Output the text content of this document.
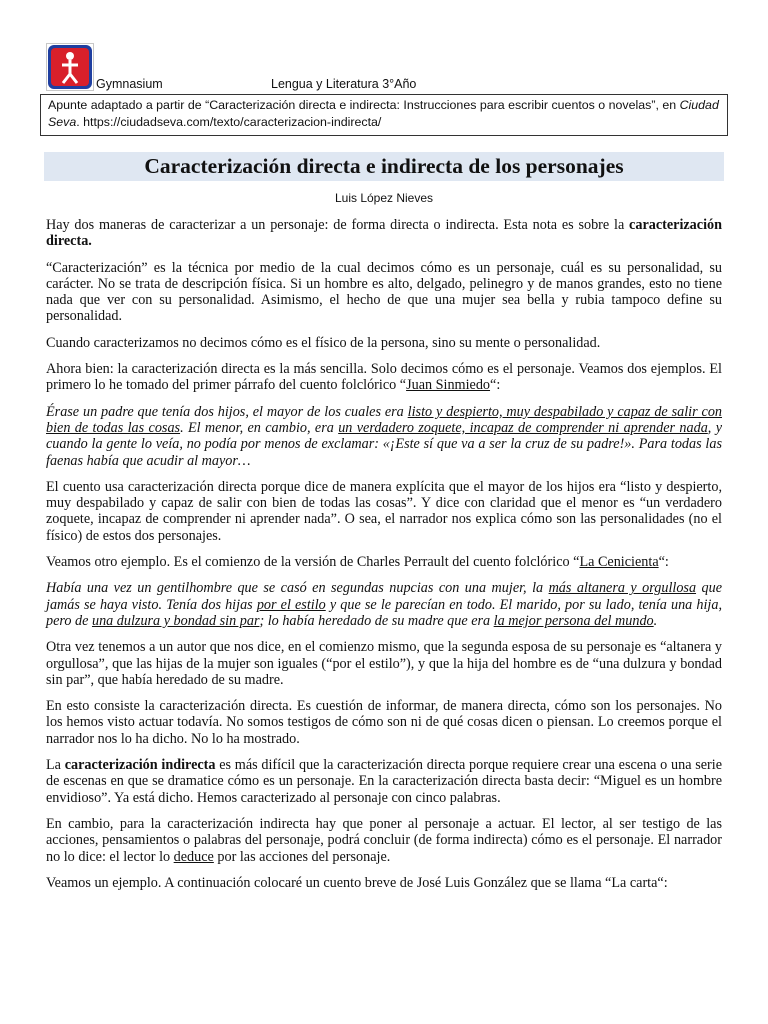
Gymnasium	Lengua y Literatura 3°Año
Apunte adaptado a partir de “Caracterización directa e indirecta: Instrucciones para escribir cuentos o novelas”, en Ciudad Seva. https://ciudadseva.com/texto/caracterizacion-indirecta/
Caracterización directa e indirecta de los personajes
Luis López Nieves

Hay dos maneras de caracterizar a un personaje: de forma directa o indirecta. Esta nota es sobre la caracterización directa.

“Caracterización” es la técnica por medio de la cual decimos cómo es un personaje, cuál es su personalidad, su carácter. No se trata de descripción física. Si un hombre es alto, delgado, pelinegro y de manos grandes, esto no tiene nada que ver con su personalidad. Asimismo, el hecho de que una mujer sea bella y rubia tampoco define su personalidad.

Cuando caracterizamos no decimos cómo es el físico de la persona, sino su mente o personalidad.

Ahora bien: la caracterización directa es la más sencilla. Solo decimos cómo es el personaje. Veamos dos ejemplos. El primero lo he tomado del primer párrafo del cuento folclórico “Juan Sinmiedo“:

Érase un padre que tenía dos hijos, el mayor de los cuales era listo y despierto, muy despabilado y capaz de salir con bien de todas las cosas. El menor, en cambio, era un verdadero zoquete, incapaz de comprender ni aprender nada, y cuando la gente lo veía, no podía por menos de exclamar: «¡Este sí que va a ser la cruz de su padre!». Para todas las faenas había que acudir al mayor…

El cuento usa caracterización directa porque dice de manera explícita que el mayor de los hijos era “listo y despierto, muy despabilado y capaz de salir con bien de todas las cosas”. Y dice con claridad que el menor es “un verdadero zoquete, incapaz de comprender ni aprender nada”. O sea, el narrador nos explica cómo son las personalidades (no el físico) de estos dos personajes.

Veamos otro ejemplo. Es el comienzo de la versión de Charles Perrault del cuento folclórico “La Cenicienta“:

Había una vez un gentilhombre que se casó en segundas nupcias con una mujer, la más altanera y orgullosa que jamás se haya visto. Tenía dos hijas por el estilo y que se le parecían en todo. El marido, por su lado, tenía una hija, pero de una dulzura y bondad sin par; lo había heredado de su madre que era la mejor persona del mundo.

Otra vez tenemos a un autor que nos dice, en el comienzo mismo, que la segunda esposa de su personaje es “altanera y orgullosa”, que las hijas de la mujer son iguales (“por el estilo”), y que la hija del hombre es de “una dulzura y bondad sin par”, que había heredado de su madre.

En esto consiste la caracterización directa. Es cuestión de informar, de manera directa, cómo son los personajes. No los hemos visto actuar todavía. No somos testigos de cómo son ni de qué cosas dicen o piensan. Lo creemos porque el narrador nos lo ha dicho. No lo ha mostrado.

La caracterización indirecta es más difícil que la caracterización directa porque requiere crear una escena o una serie de escenas en que se dramatice cómo es un personaje. En la caracterización directa basta decir: “Miguel es un hombre envidioso”. Ya está dicho. Hemos caracterizado al personaje con cinco palabras.

En cambio, para la caracterización indirecta hay que poner al personaje a actuar. El lector, al ser testigo de las acciones, pensamientos o palabras del personaje, podrá concluir (de forma indirecta) cómo es el personaje. El narrador no lo dice: el lector lo deduce por las acciones del personaje.

Veamos un ejemplo. A continuación colocaré un cuento breve de José Luis González que se llama “La carta“:
